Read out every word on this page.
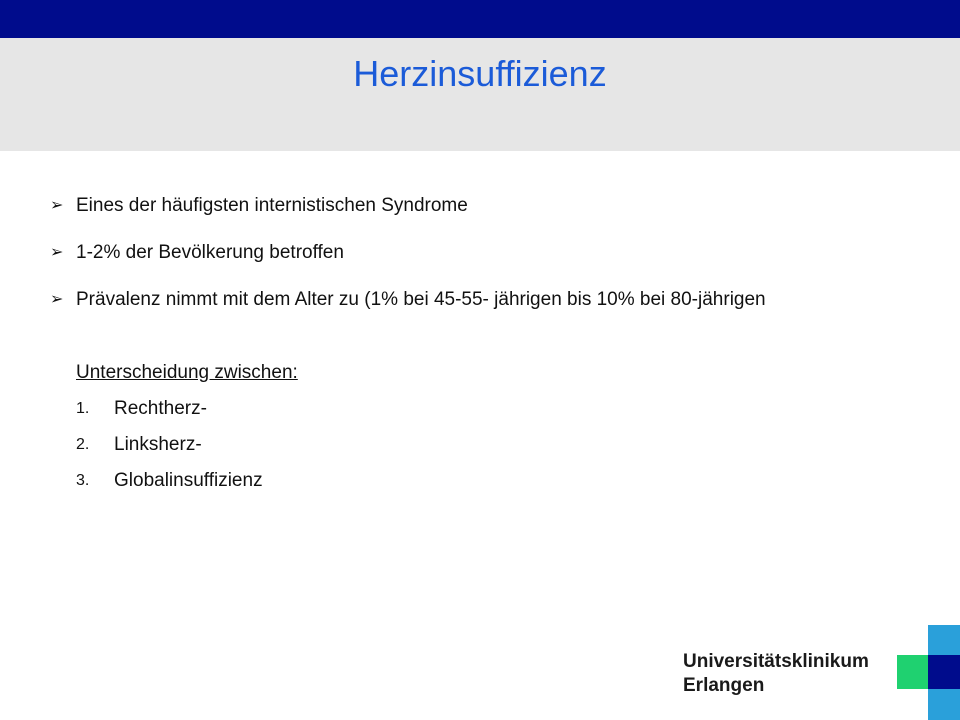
Herzinsuffizienz
➢ Eines der häufigsten internistischen Syndrome
➢ 1-2% der Bevölkerung betroffen
➢ Prävalenz nimmt mit dem Alter zu (1% bei 45-55- jährigen bis 10% bei 80-jährigen
Unterscheidung zwischen:
1. Rechtherz-
2. Linksherz-
3. Globalinsuffizienz
Universitätsklinikum
Erlangen
